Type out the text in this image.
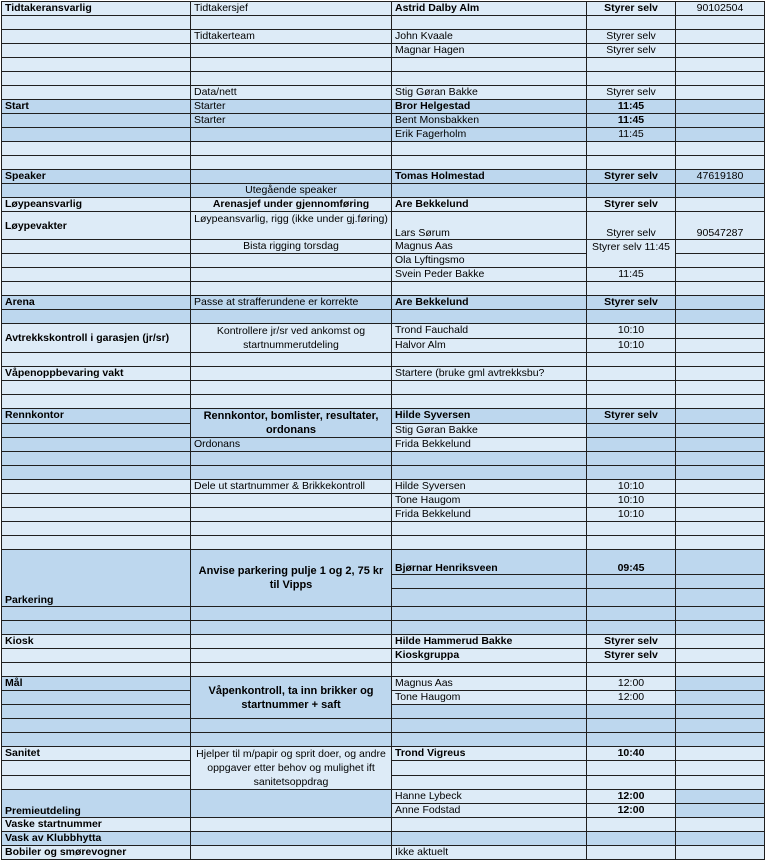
Tidtakeransvarlig	Tidtakersjef	Astrid Dalby Alm	Styrer selv	90102504

	Tidtakerteam	John Kvaale	Styrer selv	
		Magnar Hagen	Styrer selv	

	Data/nett	Stig Gøran Bakke	Styrer selv	
Start	Starter	Bror Helgestad	11:45	
	Starter	Bent Monsbakken	11:45	
		Erik Fagerholm	11:45	

Speaker		Tomas Holmestad	Styrer selv	47619180
	Utegående speaker			
Løypeansvarlig	Arenasjef under gjennomføring	Are Bekkelund	Styrer selv	
Løypevakter	Løypeansvarlig, rigg (ikke under gj.føring)	Lars Sørum	Styrer selv	90547287
	Bista rigging torsdag	Magnus Aas	Styrer selv 11:45	
		Ola Lyftingsmo		
		Svein Peder Bakke	11:45	

Arena	Passe at strafferundene er korrekte	Are Bekkelund	Styrer selv	

Avtrekkskontroll i garasjen (jr/sr)	Kontrollere jr/sr ved ankomst og startnummerutdeling	Trond Fauchald	10:10	
		Halvor Alm	10:10	

Våpenoppbevaring vakt		Startere (bruke gml avtrekksbu?		

Rennkontor	Rennkontor, bomlister, resultater, ordonans	Hilde Syversen	Styrer selv	
		Stig Gøran Bakke		
	Ordonans	Frida Bekkelund		

	Dele ut startnummer & Brikkekontroll	Hilde Syversen	10:10	
		Tone Haugom	10:10	
		Frida Bekkelund	10:10	

Parkering	Anvise parkering pulje 1 og 2, 75 kr til Vipps	Bjørnar Henriksveen	09:45	

Kiosk		Hilde Hammerud Bakke	Styrer selv	
		Kioskgruppa	Styrer selv	

Mål	Våpenkontroll, ta inn brikker og startnummer + saft	Magnus Aas	12:00	
		Tone Haugom	12:00	

Sanitet	Hjelper til m/papir og sprit doer, og andre oppgaver etter behov og mulighet ift sanitetsoppdrag	Trond Vigreus	10:40	

Premieutdeling		Hanne Lybeck	12:00	
		Anne Fodstad	12:00	
Vaske startnummer				
Vask av Klubbhytta				
Bobiler og smørevogner		Ikke aktuelt		
